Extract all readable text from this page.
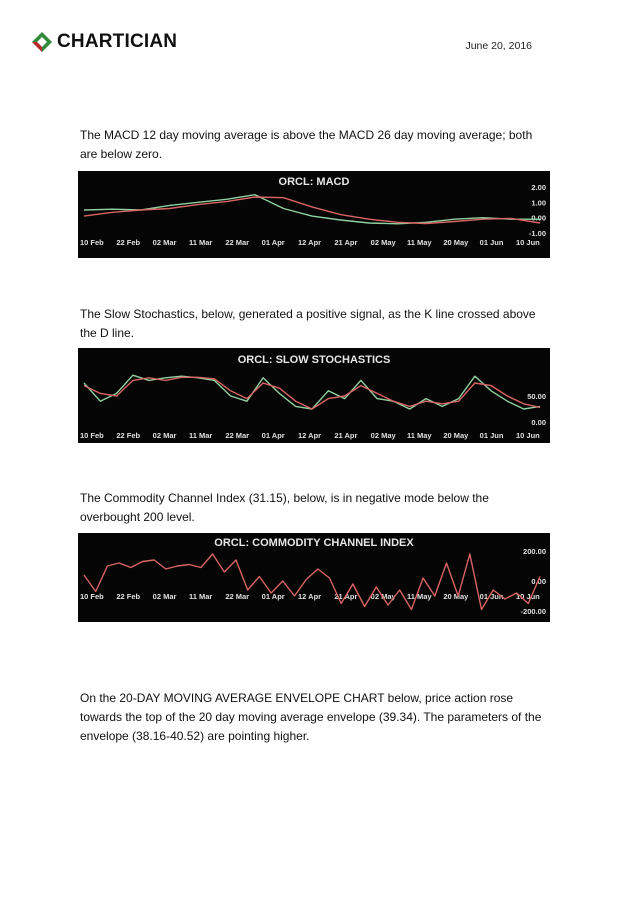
CHARTICIAN	June 20, 2016

The MACD 12 day moving average is above the MACD 26 day moving average; both are below zero.

ORCL: MACD	2.00
1.00
0.00
-1.00
10 Feb 22 Feb 02 Mar 11 Mar 22 Mar 01 Apr 12 Apr 21 Apr 02 May 11 May 20 May 01 Jun 10 Jun

The Slow Stochastics, below, generated a positive signal, as the K line crossed above the D line.

ORCL: SLOW STOCHASTICS
50.00
0.00
10 Feb 22 Feb 02 Mar 11 Mar 22 Mar 01 Apr 12 Apr 21 Apr 02 May 11 May 20 May 01 Jun 10 Jun

The Commodity Channel Index (31.15), below, is in negative mode below the overbought 200 level.

ORCL: COMMODITY CHANNEL INDEX
200.00
0.00
-200.00
10 Feb 22 Feb 02 Mar 11 Mar 22 Mar 01 Apr 12 Apr 21 Apr 02 May 11 May 20 May 01 Jun 10 Jun

On the 20-DAY MOVING AVERAGE ENVELOPE CHART below, price action rose towards the top of the 20 day moving average envelope (39.34). The parameters of the envelope (38.16-40.52) are pointing higher.
